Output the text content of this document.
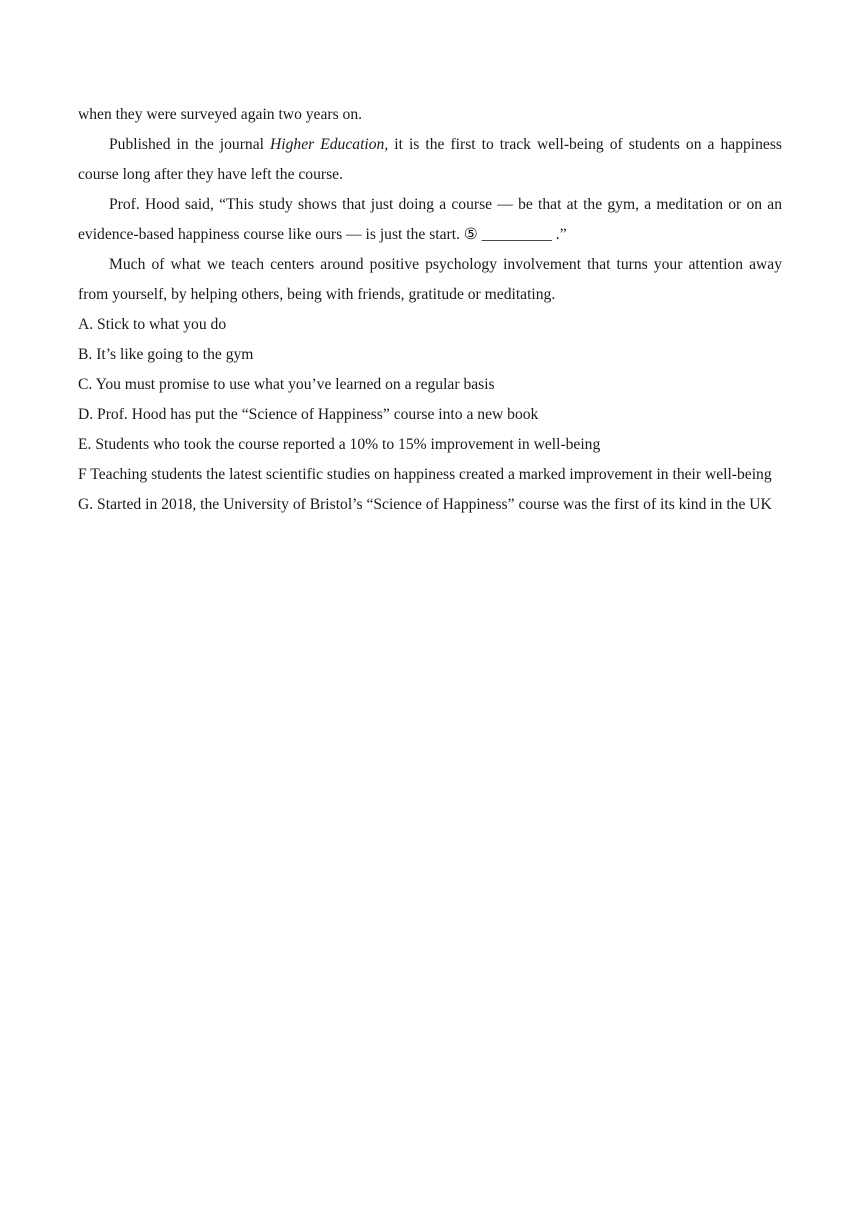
when they were surveyed again two years on.

Published in the journal Higher Education, it is the first to track well-being of students on a happiness course long after they have left the course.

Prof. Hood said, “This study shows that just doing a course — be that at the gym, a meditation or on an evidence-based happiness course like ours — is just the start. ⑤ _________ .”

Much of what we teach centers around positive psychology involvement that turns your attention away from yourself, by helping others, being with friends, gratitude or meditating.

A. Stick to what you do

B. It’s like going to the gym

C. You must promise to use what you’ve learned on a regular basis

D. Prof. Hood has put the “Science of Happiness” course into a new book

E. Students who took the course reported a 10% to 15% improvement in well-being

F Teaching students the latest scientific studies on happiness created a marked improvement in their well-being

G. Started in 2018, the University of Bristol’s “Science of Happiness” course was the first of its kind in the UK
